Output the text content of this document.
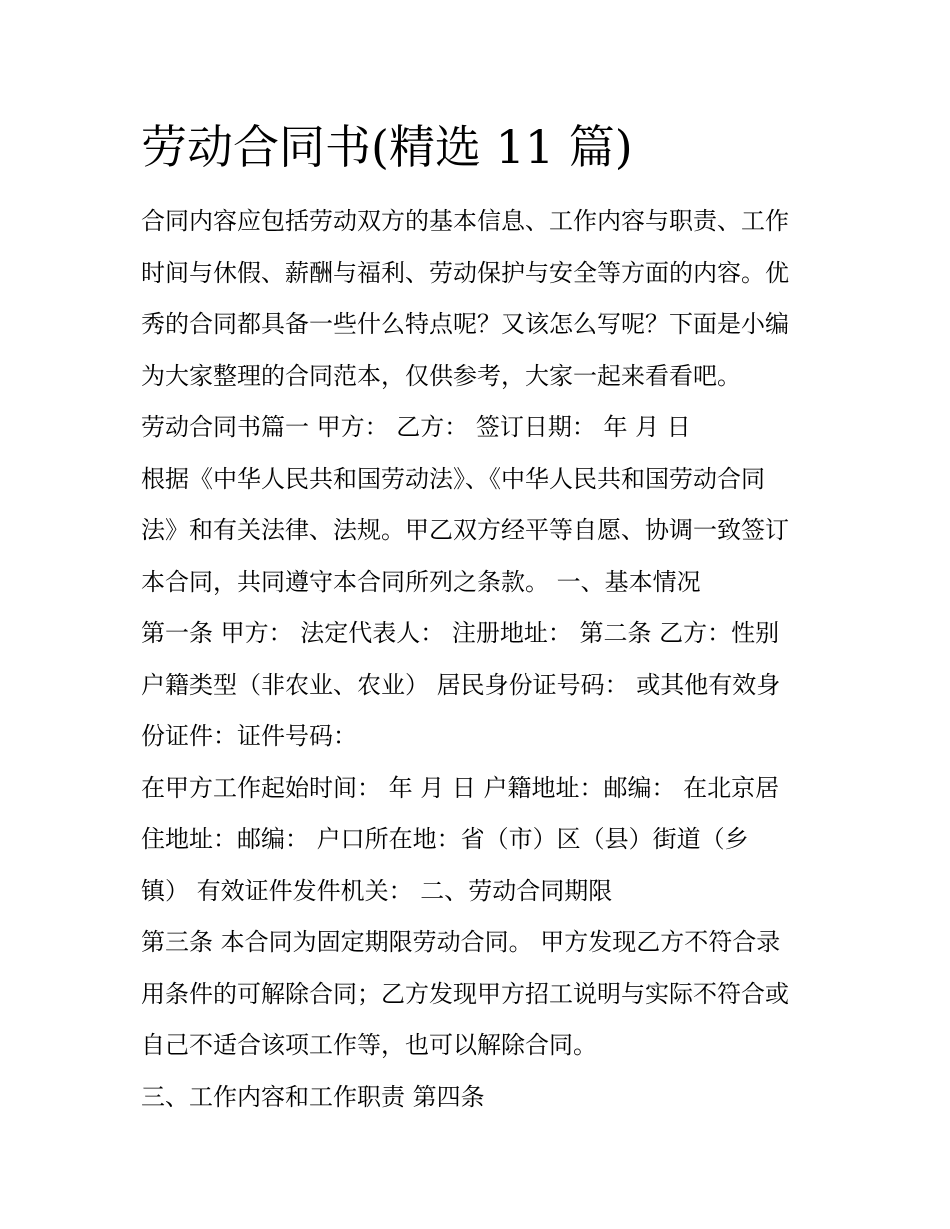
劳动合同书(精选 11 篇)
合同内容应包括劳动双方的基本信息、工作内容与职责、工作
时间与休假、薪酬与福利、劳动保护与安全等方面的内容。优
秀的合同都具备一些什么特点呢？又该怎么写呢？下面是小编
为大家整理的合同范本，仅供参考，大家一起来看看吧。
劳动合同书篇一 甲方： 乙方： 签订日期： 年 月 日
根据《中华人民共和国劳动法》、《中华人民共和国劳动合同
法》和有关法律、法规。甲乙双方经平等自愿、协调一致签订
本合同，共同遵守本合同所列之条款。 一、基本情况
第一条 甲方： 法定代表人： 注册地址： 第二条 乙方：性别
户籍类型（非农业、农业） 居民身份证号码： 或其他有效身
份证件：证件号码：
在甲方工作起始时间： 年 月 日 户籍地址：邮编： 在北京居
住地址：邮编： 户口所在地：省（市）区（县）街道（乡
镇） 有效证件发件机关： 二、劳动合同期限
第三条 本合同为固定期限劳动合同。 甲方发现乙方不符合录
用条件的可解除合同；乙方发现甲方招工说明与实际不符合或
自己不适合该项工作等，也可以解除合同。
三、工作内容和工作职责 第四条
